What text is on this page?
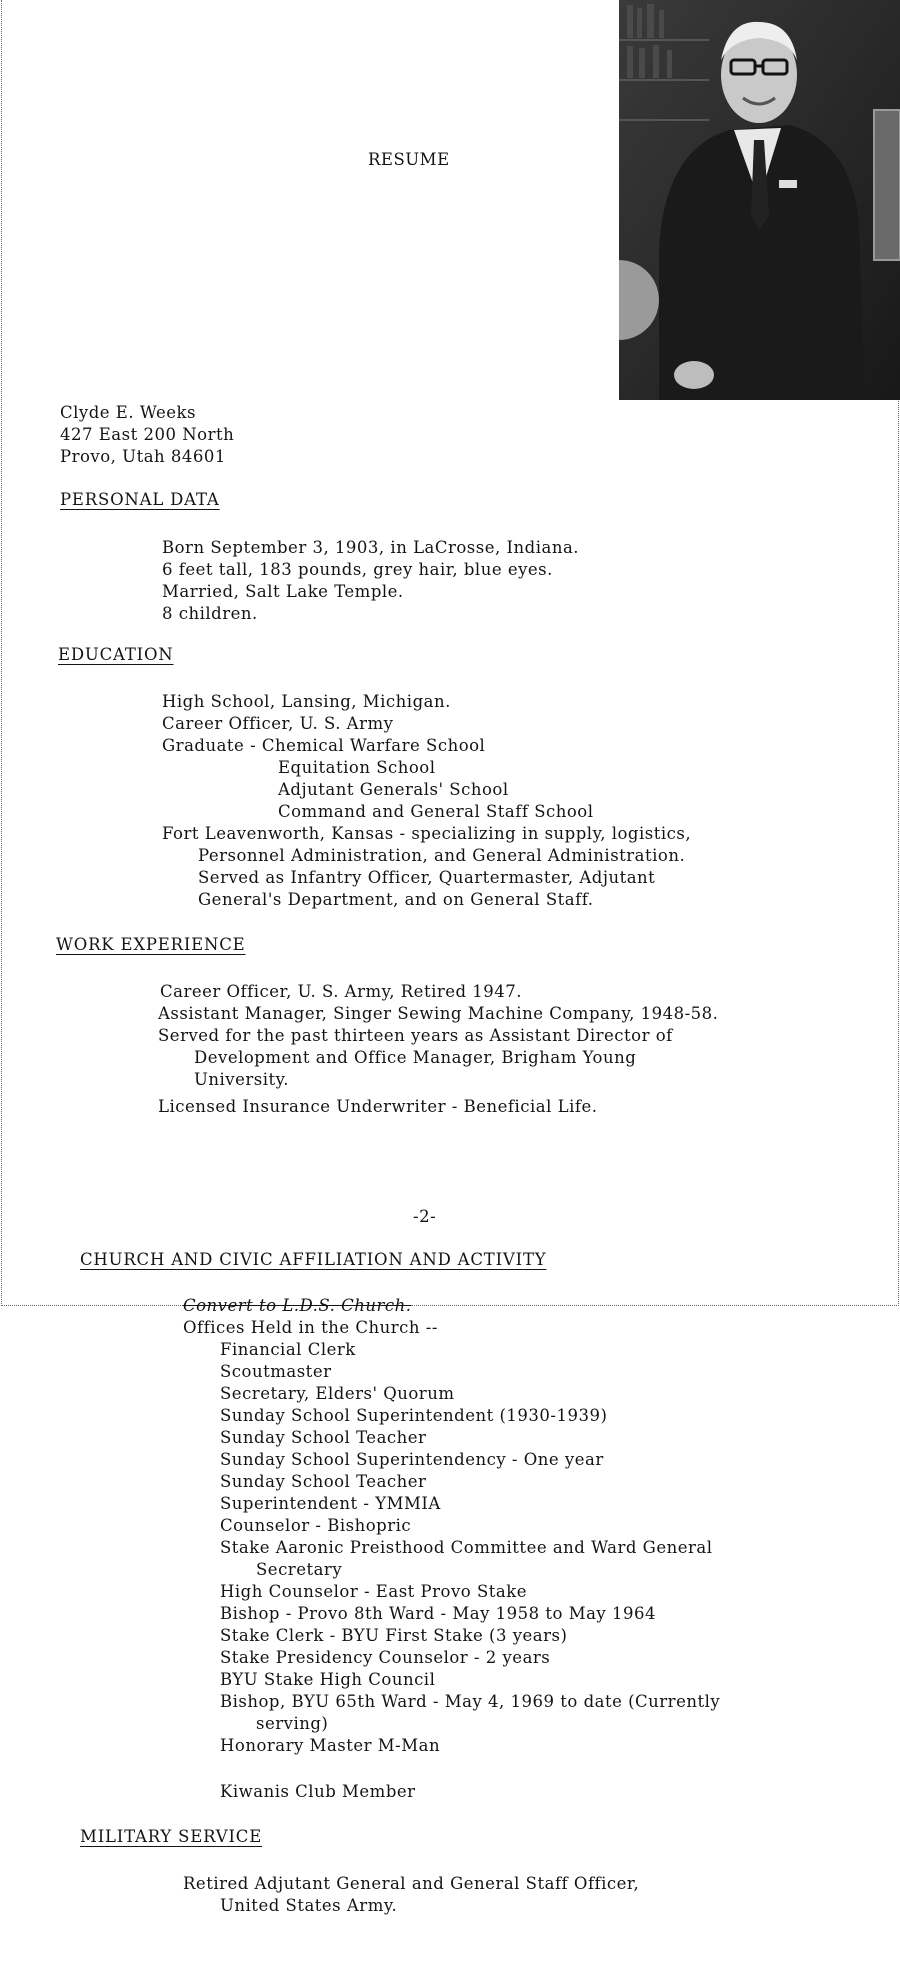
RESUME
Clyde E. Weeks
427 East 200 North
Provo, Utah 84601
PERSONAL DATA
Born September 3, 1903, in LaCrosse, Indiana.
6 feet tall, 183 pounds, grey hair, blue eyes.
Married, Salt Lake Temple.
8 children.
EDUCATION
High School, Lansing, Michigan.
Career Officer, U. S. Army
Graduate - Chemical Warfare School
Equitation School
Adjutant Generals' School
Command and General Staff School
Fort Leavenworth, Kansas - specializing in supply, logistics,
Personnel Administration, and General Administration.
Served as Infantry Officer, Quartermaster, Adjutant
General's Department, and on General Staff.
WORK EXPERIENCE
Career Officer, U. S. Army, Retired 1947.
Assistant Manager, Singer Sewing Machine Company, 1948-58.
Served for the past thirteen years as Assistant Director of
Development and Office Manager, Brigham Young
University.
Licensed Insurance Underwriter - Beneficial Life.
-2-
CHURCH AND CIVIC AFFILIATION AND ACTIVITY
Convert to L.D.S. Church.
Offices Held in the Church --
Financial Clerk
Scoutmaster
Secretary, Elders' Quorum
Sunday School Superintendent (1930-1939)
Sunday School Teacher
Sunday School Superintendency - One year
Sunday School Teacher
Superintendent - YMMIA
Counselor - Bishopric
Stake Aaronic Preisthood Committee and Ward General
Secretary
High Counselor - East Provo Stake
Bishop - Provo 8th Ward - May 1958 to May 1964
Stake Clerk - BYU First Stake (3 years)
Stake Presidency Counselor - 2 years
BYU Stake High Council
Bishop, BYU 65th Ward - May 4, 1969 to date (Currently
serving)
Honorary Master M-Man
Kiwanis Club Member
MILITARY SERVICE
Retired Adjutant General and General Staff Officer,
United States Army.
